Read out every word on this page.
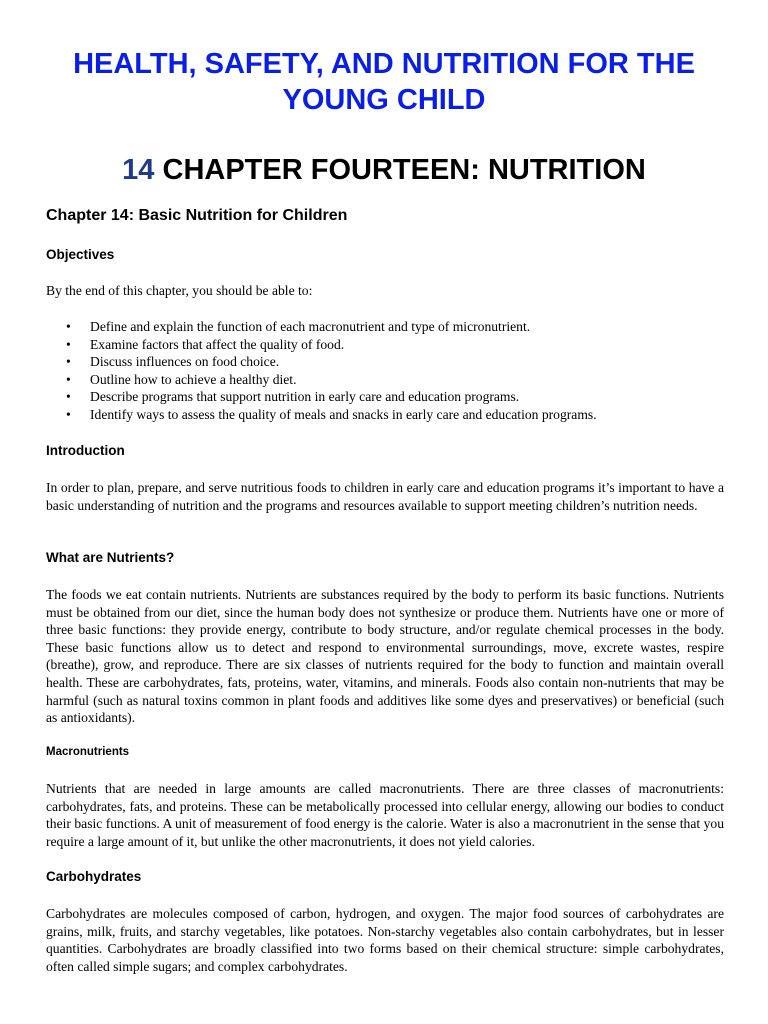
HEALTH, SAFETY, AND NUTRITION FOR THE YOUNG CHILD
14 CHAPTER FOURTEEN: NUTRITION
Chapter 14: Basic Nutrition for Children
Objectives

By the end of this chapter, you should be able to:

• Define and explain the function of each macronutrient and type of micronutrient.
• Examine factors that affect the quality of food.
• Discuss influences on food choice.
• Outline how to achieve a healthy diet.
• Describe programs that support nutrition in early care and education programs.
• Identify ways to assess the quality of meals and snacks in early care and education programs.
Introduction

In order to plan, prepare, and serve nutritious foods to children in early care and education programs it’s important to have a basic understanding of nutrition and the programs and resources available to support meeting children’s nutrition needs.

What are Nutrients?

The foods we eat contain nutrients. Nutrients are substances required by the body to perform its basic functions. Nutrients must be obtained from our diet, since the human body does not synthesize or produce them. Nutrients have one or more of three basic functions: they provide energy, contribute to body structure, and/or regulate chemical processes in the body. These basic functions allow us to detect and respond to environmental surroundings, move, excrete wastes, respire (breathe), grow, and reproduce. There are six classes of nutrients required for the body to function and maintain overall health. These are carbohydrates, fats, proteins, water, vitamins, and minerals. Foods also contain non-nutrients that may be harmful (such as natural toxins common in plant foods and additives like some dyes and preservatives) or beneficial (such as antioxidants).

Macronutrients

Nutrients that are needed in large amounts are called macronutrients. There are three classes of macronutrients: carbohydrates, fats, and proteins. These can be metabolically processed into cellular energy, allowing our bodies to conduct their basic functions. A unit of measurement of food energy is the calorie. Water is also a macronutrient in the sense that you require a large amount of it, but unlike the other macronutrients, it does not yield calories.

Carbohydrates

Carbohydrates are molecules composed of carbon, hydrogen, and oxygen. The major food sources of carbohydrates are grains, milk, fruits, and starchy vegetables, like potatoes. Non-starchy vegetables also contain carbohydrates, but in lesser quantities. Carbohydrates are broadly classified into two forms based on their chemical structure: simple carbohydrates, often called simple sugars; and complex carbohydrates.
